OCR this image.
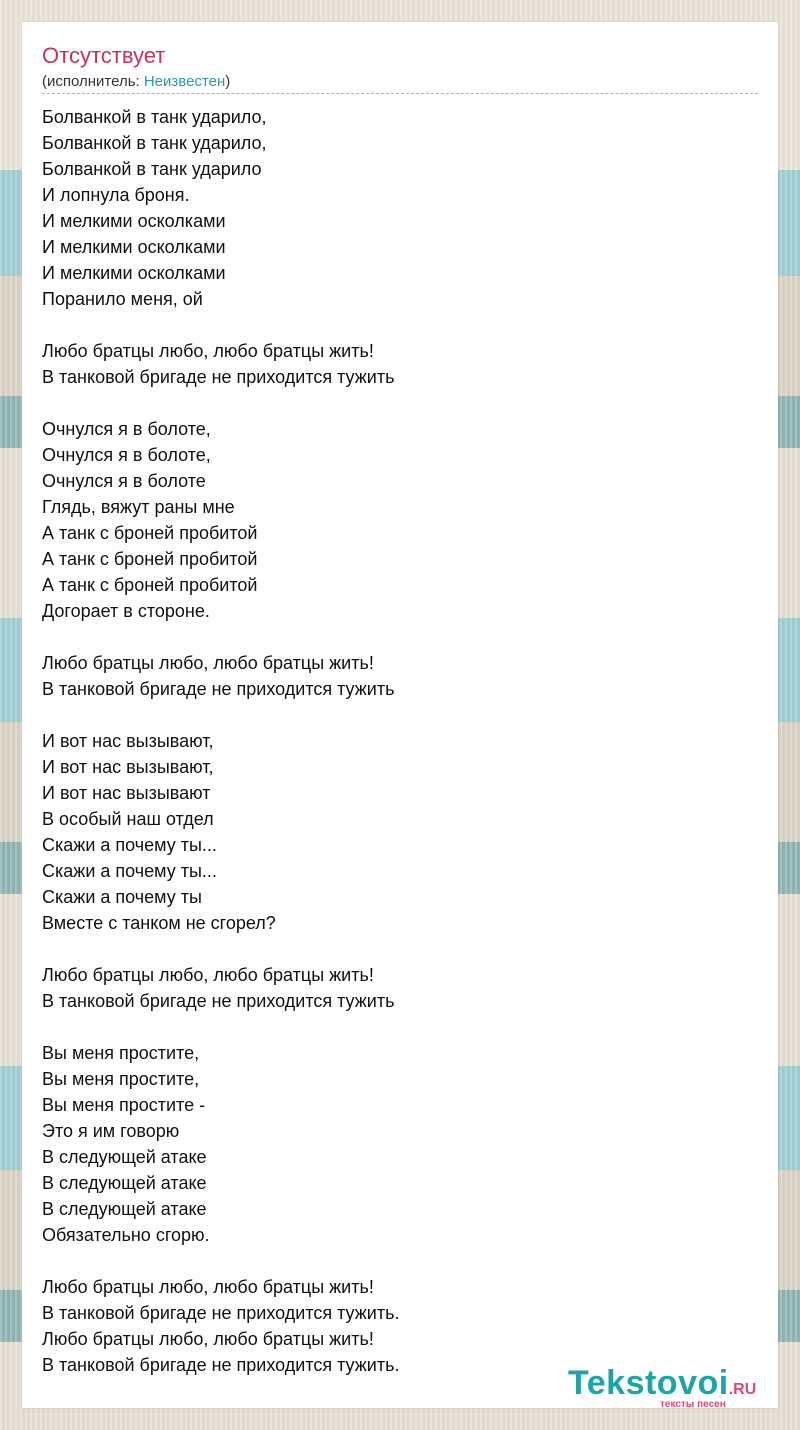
Отсутствует
(исполнитель: Неизвестен)
Болванкой в танк ударило,
Болванкой в танк ударило,
Болванкой в танк ударило
И лопнула броня.
И мелкими осколками
И мелкими осколками
И мелкими осколками
Поранило меня, ой
Любо братцы любо, любо братцы жить!
В танковой бригаде не приходится тужить
Очнулся я в болоте,
Очнулся я в болоте,
Очнулся я в болоте
Глядь, вяжут раны мне
А танк с броней пробитой
А танк с броней пробитой
А танк с броней пробитой
Догорает в стороне.
Любо братцы любо, любо братцы жить!
В танковой бригаде не приходится тужить
И вот нас вызывают,
И вот нас вызывают,
И вот нас вызывают
В особый наш отдел
Скажи а почему ты...
Скажи а почему ты...
Скажи а почему ты
Вместе с танком не сгорел?
Любо братцы любо, любо братцы жить!
В танковой бригаде не приходится тужить
Вы меня простите,
Вы меня простите,
Вы меня простите -
Это я им говорю
В следующей атаке
В следующей атаке
В следующей атаке
Обязательно сгорю.
Любо братцы любо, любо братцы жить!
В танковой бригаде не приходится тужить.
Любо братцы любо, любо братцы жить!
В танковой бригаде не приходится тужить.	Tekstovoi.RU
тексты песен
